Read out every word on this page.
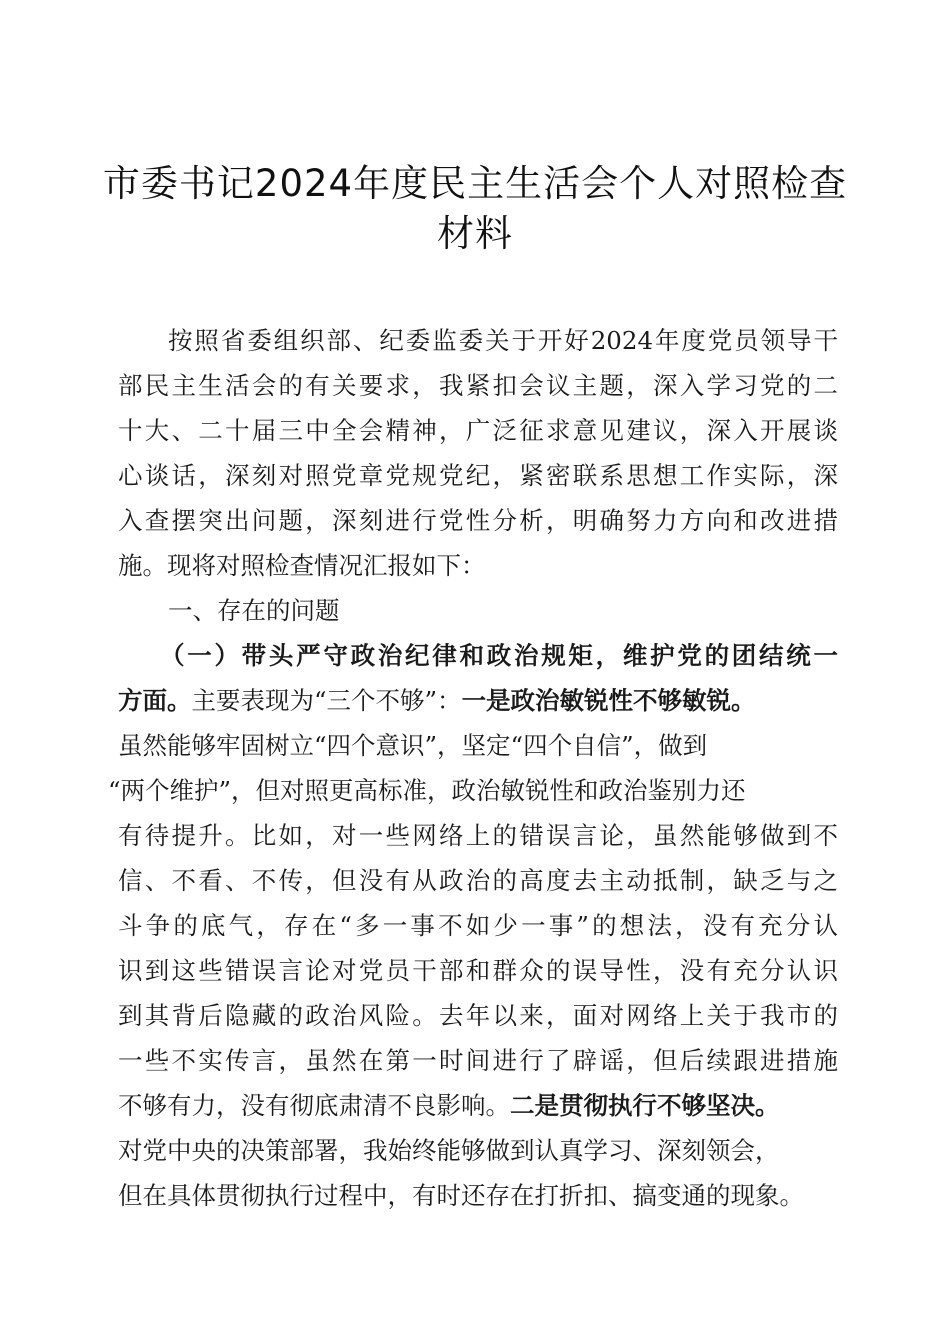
市委书记2024年度民主生活会个人对照检查
材料
按照省委组织部、纪委监委关于开好2024年度党员领导干
部民主生活会的有关要求，我紧扣会议主题，深入学习党的二
十大、二十届三中全会精神，广泛征求意见建议，深入开展谈
心谈话，深刻对照党章党规党纪，紧密联系思想工作实际，深
入查摆突出问题，深刻进行党性分析，明确努力方向和改进措
施。现将对照检查情况汇报如下：
一、存在的问题
（一）带头严守政治纪律和政治规矩，维护党的团结统一
方面。主要表现为“三个不够”：一是政治敏锐性不够敏锐。
虽然能够牢固树立“四个意识”，坚定“四个自信”，做到
“两个维护”，但对照更高标准，政治敏锐性和政治鉴别力还
有待提升。比如，对一些网络上的错误言论，虽然能够做到不
信、不看、不传，但没有从政治的高度去主动抵制，缺乏与之
斗争的底气，存在“多一事不如少一事”的想法，没有充分认
识到这些错误言论对党员干部和群众的误导性，没有充分认识
到其背后隐藏的政治风险。去年以来，面对网络上关于我市的
一些不实传言，虽然在第一时间进行了辟谣，但后续跟进措施
不够有力，没有彻底肃清不良影响。二是贯彻执行不够坚决。
对党中央的决策部署，我始终能够做到认真学习、深刻领会，
但在具体贯彻执行过程中，有时还存在打折扣、搞变通的现象。
